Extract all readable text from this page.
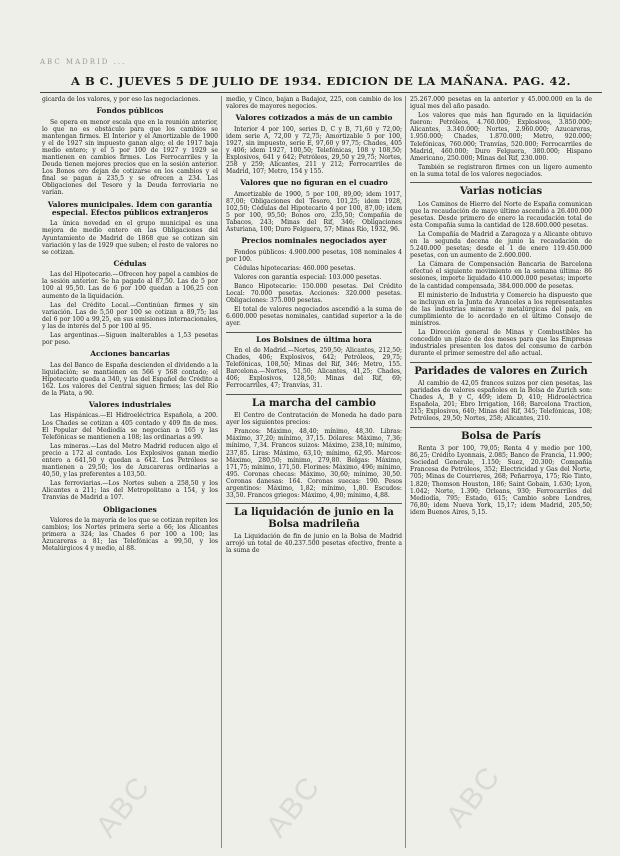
ABC MADRID ...
A B C. JUEVES 5 DE JULIO DE 1934. EDICION DE LA MAÑANA. PAG. 42.

gicarda de los valores, y por eso las negociaciones.

Fondos públicos

Se opera en menor escala que en la reunión anterior, lo que no es obstáculo para que los cambios se mantengan firmes. El Interior y el Amortizable de 1900 y el de 1927 sin impuesto ganan algo; el de 1917 baja medio entero; y el 5 por 100 de 1927 y 1929 se mantienen en cambios firmes. Los Ferrocarriles y la Deuda tienen mejores precios que en la sesión anterior. Los Bonos oro dejan de cotizarse en los cambios y el final se pagan a 235,5 y se ofrecen a 234. Las Obligaciones del Tesoro y la Deuda ferroviaria no varían.

Valores municipales. Idem con garantía especial. Efectos públicos extranjeros

La única novedad en el grupo municipal es una mejora de medio entero en las Obligaciones del Ayuntamiento de Madrid de 1868 que se cotizan sin variación y las de 1929 que suben; el resto de valores no se cotizan.

Cédulas

Las del Hipotecario.—Ofrecen hoy papel a cambios de la sesión anterior. Se ha pagado al 87,50. Las de 5 por 100 al 95,50. Las de 6 por 100 quedan a 106,25 con aumento de la liquidación.

Las del Crédito Local.—Continúan firmes y sin variación. Las de 5,50 por 100 se cotizan a 89,75; las del 6 por 100 a 99,25, en sus emisiones internacionales, y las de interés del 5 por 100 al 95.

Las argentinas.—Siguen inalterables a 1,53 pesetas por peso.

Acciones bancarias

Las del Banco de España descienden el dividendo a la liquidación; se mantienen en 566 y 568 contado; el Hipotecario queda a 340, y las del Español de Crédito a 162. Los valores del Central siguen firmes; las del Río de la Plata, a 90.

Valores industriales

Las Hispánicas.—El Hidroeléctrica Española, a 200. Los Chades se cotizan a 405 contado y 409 fin de mes. El Popular del Mediodía se negocian a 165 y las Telefónicas se mantienen a 108; las ordinarias a 99.

Las mineras.—Las del Metro Madrid reducen algo el precio a 172 al contado. Los Explosivos ganan medio entero a 641,50 y quedan a 642. Los Petróleos se mantienen a 29,50; los de Azucareras ordinarias a 40,50, y las preferentes a 103,50.

Las ferroviarias.—Los Nortes suben a 258,50 y los Alicantes a 211; las del Metropolitano a 154, y los Tranvías de Madrid a 107.

Obligaciones

Valores de la mayoría de los que se cotizan repiten los cambios; los Nortes primera serie a 66; los Alicantes primera a 324; las Chades 6 por 100 a 100; las Azucareras a 81; las Telefónicas a 99,50, y los Metalúrgicos 4 y medio, al 88.

medio, y Cinco, bajan a Badajoz, 225, con cambio de los valores de mayores negocios.

Valores cotizados a más de un cambio

Interior 4 por 100, series D, C y B, 71,60 y 72,00; idem serie A, 72,00 y 72,75; Amortizable 5 por 100, 1927, sin impuesto, serie E, 97,60 y 97,75; Chades, 405 y 406; idem 1927, 100,50; Telefónicas, 108 y 108,50; Explosivos, 641 y 642; Petróleos, 29,50 y 29,75; Nortes, 258 y 259; Alicantes, 211 y 212; Ferrocarriles de Madrid, 107; Metro, 154 y 155.

Valores que no figuran en el cuadro

Amortizable de 1900, 5 por 100, 89,00; idem 1917, 87,00; Obligaciones del Tesoro, 101,25; idem 1928, 102,50; Cédulas del Hipotecario 4 por 100, 87,00; idem 5 por 100, 95,50; Bonos oro, 235,50; Compañía de Tabacos, 243; Minas del Rif, 346; Obligaciones Asturiana, 100; Duro Felguera, 57; Minas Río, 1932, 96.

Precios nominales negociados ayer

Fondos públicos: 4.900.000 pesetas, 108 nominales 4 por 100.

Cédulas hipotecarias: 460.000 pesetas.

Valores con garantía especial: 103.000 pesetas.

Banco Hipotecario: 150.000 pesetas. Del Crédito Local: 70.000 pesetas. Acciones: 320.000 pesetas. Obligaciones: 375.000 pesetas.

El total de valores negociados ascendió a la suma de 6.600.000 pesetas nominales, cantidad superior a la de ayer.

Los Bolsines de última hora

En el de Madrid.—Nortes, 259,50; Alicantes, 212,50; Chades, 406; Explosivos, 642; Petróleos, 29,75; Telefónicas, 108,50; Minas del Rif, 346; Metro, 155. Barcelona.—Nortes, 51,50; Alicantes, 41,25; Chades, 406; Explosivos, 128,50; Minas del Rif, 69; Ferrocarriles, 47; Tranvías, 31.

La marcha del cambio

El Centro de Contratación de Moneda ha dado para ayer los siguientes precios:

Francos: Máximo, 48,40; mínimo, 48,30. Libras: Máximo, 37,20; mínimo, 37,15. Dólares: Máximo, 7,36; mínimo, 7,34. Francos suizos: Máximo, 238,10; mínimo, 237,85. Liras: Máximo, 63,10; mínimo, 62,95. Marcos: Máximo, 280,50; mínimo, 279,80. Belgas: Máximo, 171,75; mínimo, 171,50. Florines: Máximo, 496; mínimo, 495. Coronas checas: Máximo, 30,60; mínimo, 30,50. Coronas danesas: 164. Coronas suecas: 190. Pesos argentinos: Máximo, 1,82; mínimo, 1,80. Escudos: 33,50. Francos griegos: Máximo, 4,90; mínimo, 4,88.

La liquidación de junio en la Bolsa madrileña

La Liquidación de fin de junio en la Bolsa de Madrid arrojó un total de 40.237.500 pesetas efectivo, frente a la suma de

25.267.000 pesetas en la anterior y 45.000.000 en la de igual mes del año pasado.

Los valores que más han figurado en la liquidación fueron: Petróleos, 4.760.000; Explosivos, 3.850.000; Alicantes, 3.340.000; Nortes, 2.960.000; Azucareras, 1.950.000; Chades, 1.870.000; Metro, 920.000; Telefónicas, 760.000; Tranvías, 520.000; Ferrocarriles de Madrid, 460.000; Duro Felguera, 380.000; Hispano Americano, 250.000; Minas del Rif, 230.000.

También se registraron firmes con un ligero aumento en la suma total de los valores negociados.

Varias noticias

Los Caminos de Hierro del Norte de España comunican que la recaudación de mayo último ascendió a 26.400.000 pesetas. Desde primero de enero la recaudación total de esta Compañía suma la cantidad de 128.600.000 pesetas.

La Compañía de Madrid a Zaragoza y a Alicante obtuvo en la segunda decena de junio la recaudación de 5.240.000 pesetas; desde el 1 de enero 119.450.000 pesetas, con un aumento de 2.600.000.

La Cámara de Compensación Bancaria de Barcelona efectuó el siguiente movimiento en la semana última: 86 sesiones, importe liquidado 410.000.000 pesetas; importe de la cantidad compensada, 384.000.000 de pesetas.

El ministerio de Industria y Comercio ha dispuesto que se incluyan en la Junta de Aranceles a los representantes de las industrias mineras y metalúrgicas del país, en cumplimiento de lo acordado en el último Consejo de ministros.

La Dirección general de Minas y Combustibles ha concedido un plazo de dos meses para que las Empresas industriales presenten los datos del consumo de carbón durante el primer semestre del año actual.

Paridades de valores en Zurich

Al cambio de 42,05 francos suizos por cien pesetas, las paridades de valores españoles en la Bolsa de Zurich son: Chades A, B y C, 409; idem D, 410; Hidroeléctrica Española, 201; Ebro Irrigation, 168; Barcelona Traction, 215; Explosivos, 640; Minas del Rif, 345; Telefónicas, 108; Petróleos, 29,50; Nortes, 258; Alicantes, 210.

Bolsa de París

Renta 3 por 100, 79,05; Renta 4 y medio por 100, 86,25; Crédito Lyonnais, 2.085; Banco de Francia, 11.900; Sociedad Generale, 1.150; Suez, 20.300; Compañía Francesa de Petróleos, 352; Electricidad y Gas del Norte, 705; Minas de Courrieres, 268; Peñarroya, 175; Río Tinto, 1.820; Thomson Houston, 186; Saint Gobain, 1.630; Lyon, 1.042; Norte, 1.390; Orleans, 930; Ferrocarriles del Mediodía, 795; Estado, 615; Cambio sobre Londres, 76,80; idem Nueva York, 15,17; idem Madrid, 205,50; idem Buenos Aires, 5,15.

ABC	ABC	ABC
